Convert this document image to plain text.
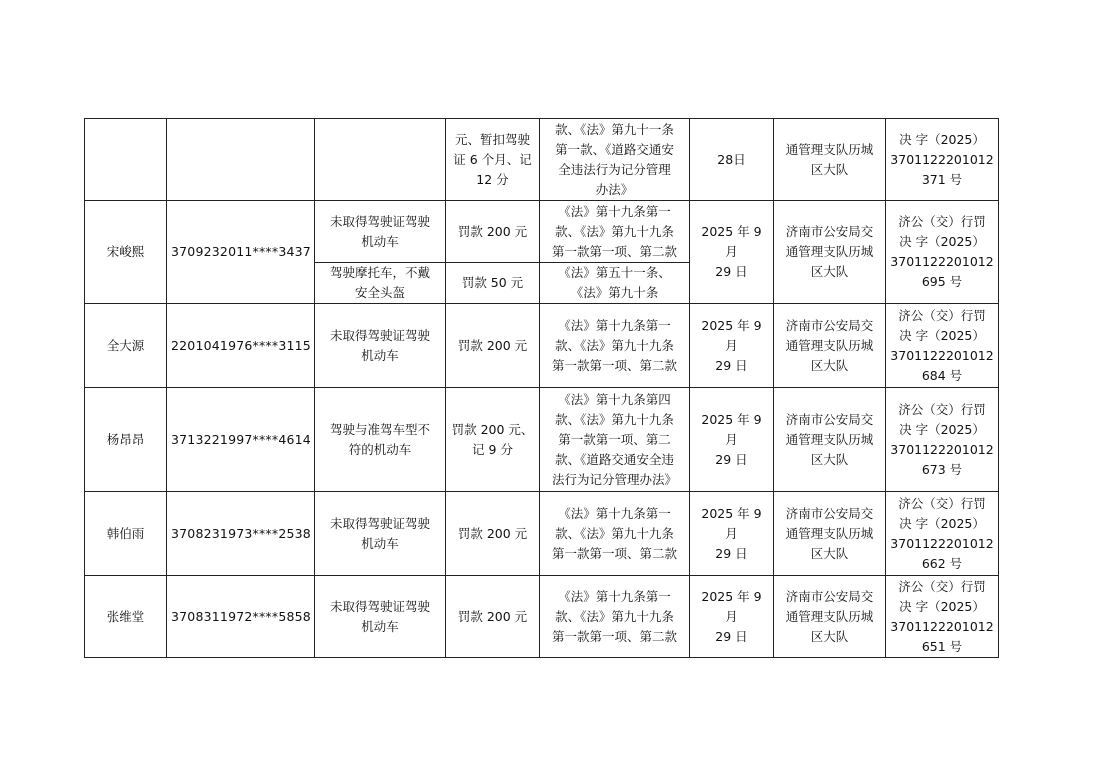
			元、暂扣驾驶
证 6 个月、记
12 分	款、《法》第九十一条
第一款、《道路交通安
全违法行为记分管理
办法》	28日	通管理支队历城
区大队	决 字（2025）
3701122201012
371 号

宋峻熙	3709232011****3437	未取得驾驶证驾驶
机动车	罚款 200 元	《法》第十九条第一
款、《法》第九十九条
第一款第一项、第二款	2025 年 9 月
29 日	济南市公安局交
通管理支队历城
区大队	济公（交）行罚
决 字（2025）
3701122201012
695 号

		驾驶摩托车，不戴
安全头盔	罚款 50 元	《法》第五十一条、
《法》第九十条			

全大源	2201041976****3115	未取得驾驶证驾驶
机动车	罚款 200 元	《法》第十九条第一
款、《法》第九十九条
第一款第一项、第二款	2025 年 9 月
29 日	济南市公安局交
通管理支队历城
区大队	济公（交）行罚
决 字（2025）
3701122201012
684 号

杨昂昂	3713221997****4614	驾驶与准驾车型不
符的机动车	罚款 200 元、
记 9 分	《法》第十九条第四
款、《法》第九十九条
第一款第一项、第二
款、《道路交通安全违
法行为记分管理办法》	2025 年 9 月
29 日	济南市公安局交
通管理支队历城
区大队	济公（交）行罚
决 字（2025）
3701122201012
673 号

韩伯雨	3708231973****2538	未取得驾驶证驾驶
机动车	罚款 200 元	《法》第十九条第一
款、《法》第九十九条
第一款第一项、第二款	2025 年 9 月
29 日	济南市公安局交
通管理支队历城
区大队	济公（交）行罚
决 字（2025）
3701122201012
662 号

张维堂	3708311972****5858	未取得驾驶证驾驶
机动车	罚款 200 元	《法》第十九条第一
款、《法》第九十九条
第一款第一项、第二款	2025 年 9 月
29 日	济南市公安局交
通管理支队历城
区大队	济公（交）行罚
决 字（2025）
3701122201012
651 号
